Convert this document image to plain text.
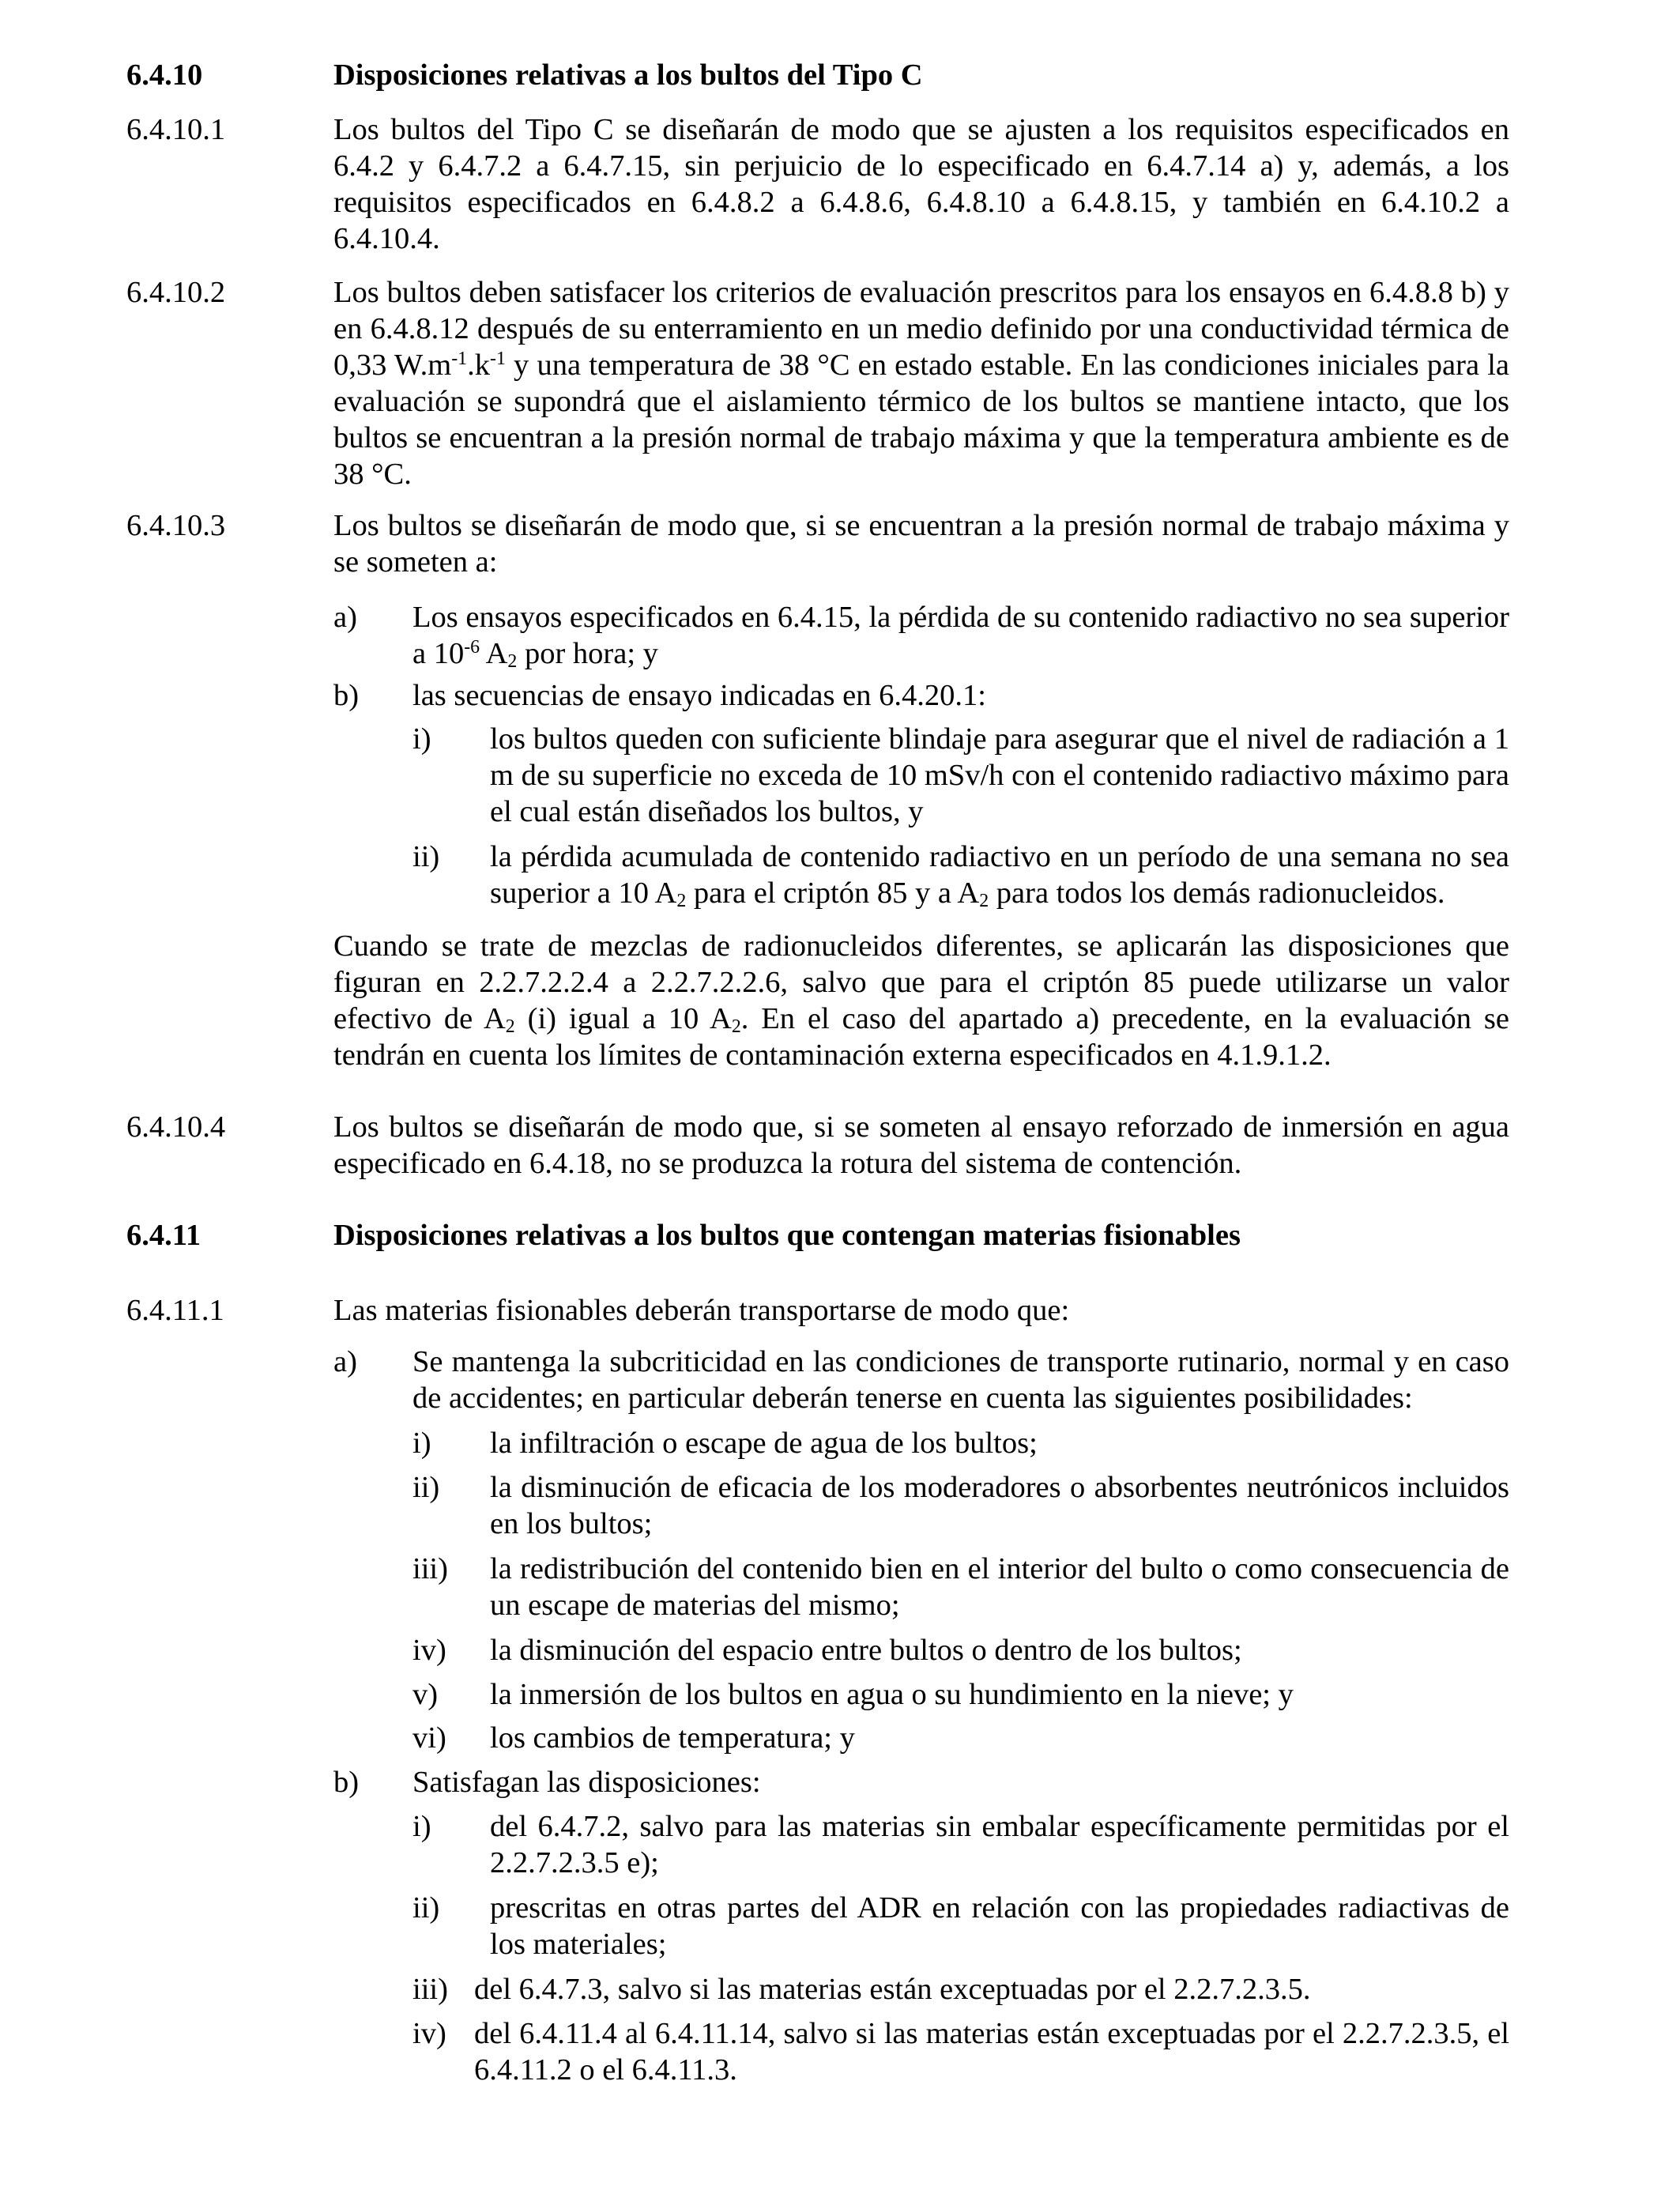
6.4.10	Disposiciones relativas a los bultos del Tipo C
6.4.10.1	Los bultos del Tipo C se diseñarán de modo que se ajusten a los requisitos especificados en 6.4.2 y 6.4.7.2 a 6.4.7.15, sin perjuicio de lo especificado en 6.4.7.14 a) y, además, a los requisitos especificados en 6.4.8.2 a 6.4.8.6, 6.4.8.10 a 6.4.8.15, y también en 6.4.10.2 a 6.4.10.4.
6.4.10.2	Los bultos deben satisfacer los criterios de evaluación prescritos para los ensayos en 6.4.8.8 b) y en 6.4.8.12 después de su enterramiento en un medio definido por una conductividad térmica de 0,33 $W.m^{-1}.k^{-1}$ y una temperatura de 38 °C en estado estable. En las condiciones iniciales para la evaluación se supondrá que el aislamiento térmico de los bultos se mantiene intacto, que los bultos se encuentran a la presión normal de trabajo máxima y que la temperatura ambiente es de 38 °C.
6.4.10.3	Los bultos se diseñarán de modo que, si se encuentran a la presión normal de trabajo máxima y se someten a:
a) Los ensayos especificados en 6.4.15, la pérdida de su contenido radiactivo no sea superior a $10^{-6}$ $A_2$ por hora; y
b) las secuencias de ensayo indicadas en 6.4.20.1:
i) los bultos queden con suficiente blindaje para asegurar que el nivel de radiación a 1 m de su superficie no exceda de 10 mSv/h con el contenido radiactivo máximo para el cual están diseñados los bultos, y
ii) la pérdida acumulada de contenido radiactivo en un período de una semana no sea superior a 10 $A_2$ para el criptón 85 y a $A_2$ para todos los demás radionucleidos.
Cuando se trate de mezclas de radionucleidos diferentes, se aplicarán las disposiciones que figuran en 2.2.7.2.2.4 a 2.2.7.2.2.6, salvo que para el criptón 85 puede utilizarse un valor efectivo de $A_2$ (i) igual a 10 $A_2$. En el caso del apartado a) precedente, en la evaluación se tendrán en cuenta los límites de contaminación externa especificados en 4.1.9.1.2.
6.4.10.4	Los bultos se diseñarán de modo que, si se someten al ensayo reforzado de inmersión en agua especificado en 6.4.18, no se produzca la rotura del sistema de contención.
6.4.11	Disposiciones relativas a los bultos que contengan materias fisionables
6.4.11.1	Las materias fisionables deberán transportarse de modo que:
a) Se mantenga la subcriticidad en las condiciones de transporte rutinario, normal y en caso de accidentes; en particular deberán tenerse en cuenta las siguientes posibilidades:
i) la infiltración o escape de agua de los bultos;
ii) la disminución de eficacia de los moderadores o absorbentes neutrónicos incluidos en los bultos;
iii) la redistribución del contenido bien en el interior del bulto o como consecuencia de un escape de materias del mismo;
iv) la disminución del espacio entre bultos o dentro de los bultos;
v) la inmersión de los bultos en agua o su hundimiento en la nieve; y
vi) los cambios de temperatura; y
b) Satisfagan las disposiciones:
i) del 6.4.7.2, salvo para las materias sin embalar específicamente permitidas por el 2.2.7.2.3.5 e);
ii) prescritas en otras partes del ADR en relación con las propiedades radiactivas de los materiales;
iii) del 6.4.7.3, salvo si las materias están exceptuadas por el 2.2.7.2.3.5.
iv) del 6.4.11.4 al 6.4.11.14, salvo si las materias están exceptuadas por el 2.2.7.2.3.5, el 6.4.11.2 o el 6.4.11.3.
